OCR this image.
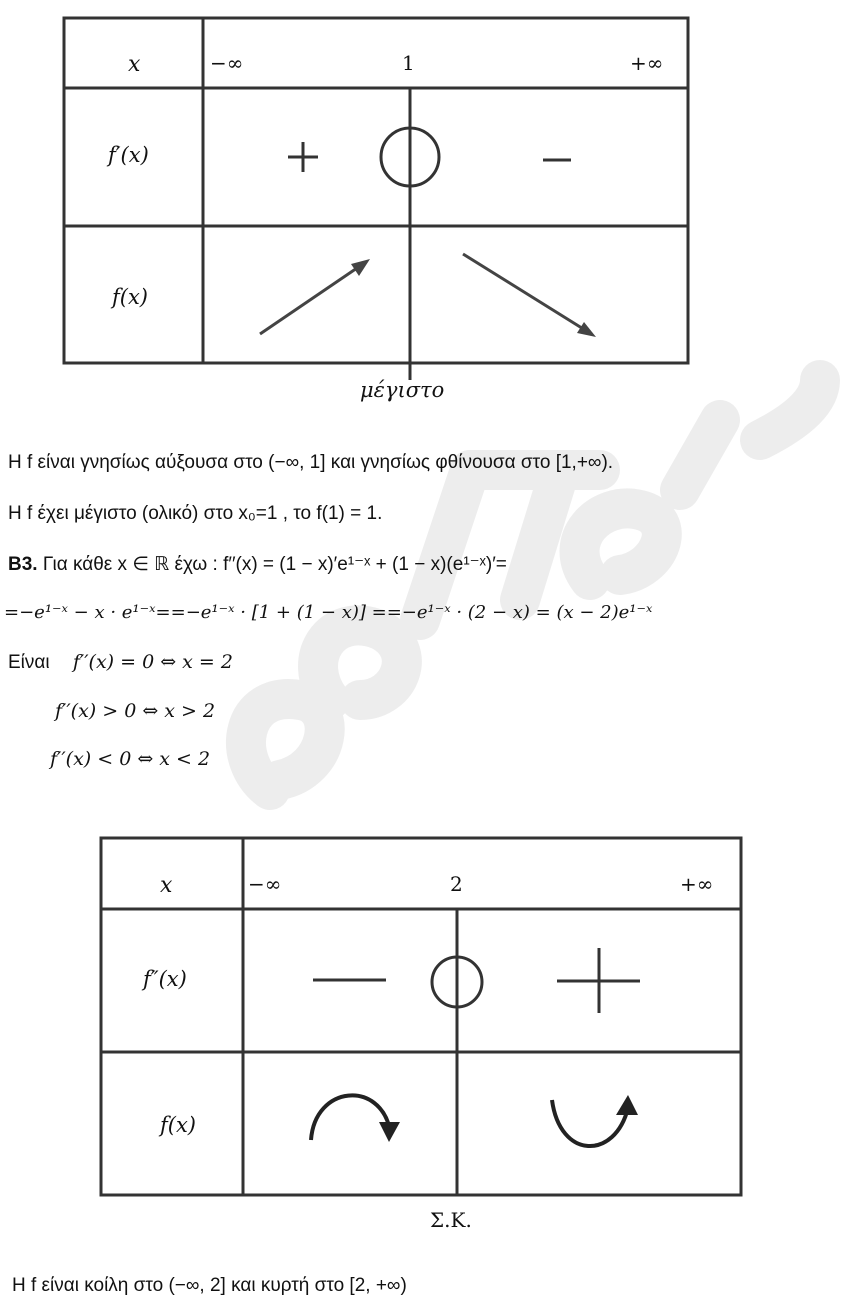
x	−∞	1	+∞
f′(x)
f(x)
μέγιστο
Η f είναι γνησίως αύξουσα στο (−∞, 1] και γνησίως φθίνουσα στο [1,+∞).
Η f έχει μέγιστο (ολικό) στο x₀=1 , το f(1) = 1.
Β3. Για κάθε x ∈ ℝ έχω : f′′(x) = (1 − x)′e¹⁻ˣ + (1 − x)(e¹⁻ˣ)′=
=−e¹⁻ˣ − x · e¹⁻ˣ==−e¹⁻ˣ · [1 + (1 − x)] ==−e¹⁻ˣ · (2 − x) = (x − 2)e¹⁻ˣ
Είναι f′′(x) = 0 ⇔ x = 2
f′′(x) > 0 ⇔ x > 2
f′′(x) < 0 ⇔ x < 2
x	−∞	2	+∞
f″(x)
f(x)
Σ.Κ.
Η f είναι κοίλη στο (−∞, 2] και κυρτή στο [2, +∞)
